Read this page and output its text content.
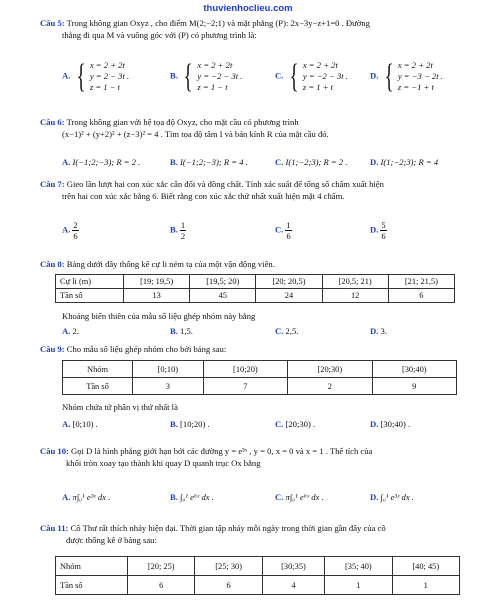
thuvienhoclieu.com
Câu 5: Trong không gian Oxyz , cho điểm M(2;−2;1) và mặt phẳng (P): 2x−3y−z+1=0 . Đường
thẳng đi qua M và vuông góc với (P) có phương trình là:
A. { x = 2 + 2t
y = 2 − 3t .
z = 1 − t
B. { x = 2 + 2t
y = −2 − 3t .
z = 1 − t
C. { x = 2 + 2t
y = −2 − 3t .
z = 1 + t
D. { x = 2 + 2t
y = −3 − 2t .
z = −1 + t
Câu 6: Trong không gian với hệ tọa độ Oxyz, cho mặt cầu có phương trình
(x−1)² + (y+2)² + (z−3)² = 4 . Tìm tọa độ tâm I và bán kính R của mặt cầu đó.
A. I(−1;2;−3); R = 2 .	B. I(−1;2;−3); R = 4 .	C. I(1;−2;3); R = 2 .	D. I(1;−2;3); R = 4
Câu 7: Gieo lần lượt hai con xúc xắc cân đối và đồng chất. Tính xác suất để tổng số chấm xuất hiện
trên hai con xúc xắc bằng 6. Biết rằng con xúc xắc thứ nhất xuất hiện mặt 4 chấm.
A. $\frac{2}{6}$	B. $\frac{1}{2}$	C. $\frac{1}{6}$	D. $\frac{5}{6}$
Câu 8: Bảng dưới đây thống kê cự li ném tạ của một vận động viên.
Cự li (m)	[19; 19,5)	[19,5; 20)	[20; 20,5)	[20,5; 21)	[21; 21,5)
Tần số	13	45	24	12	6
Khoảng biến thiên của mẫu số liệu ghép nhóm này bằng
A. 2.	B. 1,5.	C. 2,5.	D. 3.
Câu 9: Cho mẫu số liệu ghép nhóm cho bởi bảng sau:
Nhóm	[0;10)	[10;20)	[20;30)	[30;40)
Tần số	3	7	2	9
Nhóm chứa tứ phân vị thứ nhất là
A. [0;10) .	B. [10;20) .	C. [20;30) .	D. [30;40) .
Câu 10: Gọi D là hình phẳng giới hạn bởi các đường y = e³ˣ , y = 0, x = 0 và x = 1 . Thể tích của
khối tròn xoay tạo thành khi quay D quanh trục Ox bằng
A. π∫₀¹ e³ˣ dx .	B. ∫₀¹ e⁶ˣ dx .	C. π∫₀¹ e⁶ˣ dx .	D. ∫₀¹ e³ˣ dx .
Câu 11: Cô Thư rất thích nhảy hiện đại. Thời gian tập nhảy mỗi ngày trong thời gian gần đây của cô
được thống kê ở bảng sau:
Nhóm	[20; 25)	[25; 30)	[30;35)	[35; 40)	[40; 45)
Tần số	6	6	4	1	1
